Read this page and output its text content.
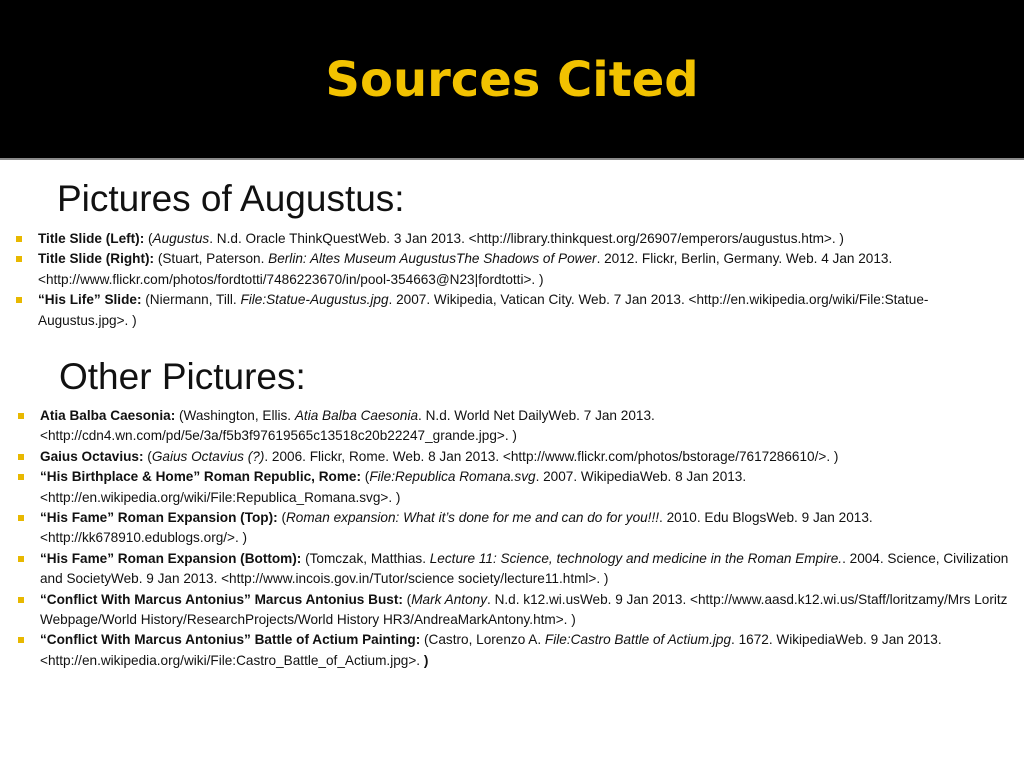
Sources Cited
Pictures of Augustus:
Title Slide (Left): (Augustus. N.d. Oracle ThinkQuestWeb. 3 Jan 2013. <http://library.thinkquest.org/26907/emperors/augustus.htm>. )
Title Slide (Right): (Stuart, Paterson. Berlin: Altes Museum AugustusThe Shadows of Power. 2012. Flickr, Berlin, Germany. Web. 4 Jan 2013. <http://www.flickr.com/photos/fordtotti/7486223670/in/pool-354663@N23|fordtotti>. )
“His Life” Slide: (Niermann, Till. File:Statue-Augustus.jpg. 2007. Wikipedia, Vatican City. Web. 7 Jan 2013. <http://en.wikipedia.org/wiki/File:Statue-Augustus.jpg>. )
Other Pictures:
Atia Balba Caesonia: (Washington, Ellis. Atia Balba Caesonia. N.d. World Net DailyWeb. 7 Jan 2013. <http://cdn4.wn.com/pd/5e/3a/f5b3f97619565c13518c20b22247_grande.jpg>. )
Gaius Octavius: (Gaius Octavius (?). 2006. Flickr, Rome. Web. 8 Jan 2013. <http://www.flickr.com/photos/bstorage/7617286610/>. )
“His Birthplace & Home” Roman Republic, Rome: (File:Republica Romana.svg. 2007. WikipediaWeb. 8 Jan 2013. <http://en.wikipedia.org/wiki/File:Republica_Romana.svg>. )
“His Fame” Roman Expansion (Top): (Roman expansion: What it’s done for me and can do for you!!!. 2010. Edu BlogsWeb. 9 Jan 2013. <http://kk678910.edublogs.org/>. )
“His Fame” Roman Expansion (Bottom): (Tomczak, Matthias. Lecture 11: Science, technology and medicine in the Roman Empire.. 2004. Science, Civilization and SocietyWeb. 9 Jan 2013. <http://www.incois.gov.in/Tutor/science society/lecture11.html>. )
“Conflict With Marcus Antonius” Marcus Antonius Bust: (Mark Antony. N.d. k12.wi.usWeb. 9 Jan 2013. <http://www.aasd.k12.wi.us/Staff/loritzamy/Mrs Loritz Webpage/World History/ResearchProjects/World History HR3/AndreaMarkAntony.htm>. )
“Conflict With Marcus Antonius” Battle of Actium Painting: (Castro, Lorenzo A. File:Castro Battle of Actium.jpg. 1672. WikipediaWeb. 9 Jan 2013. <http://en.wikipedia.org/wiki/File:Castro_Battle_of_Actium.jpg>. )
